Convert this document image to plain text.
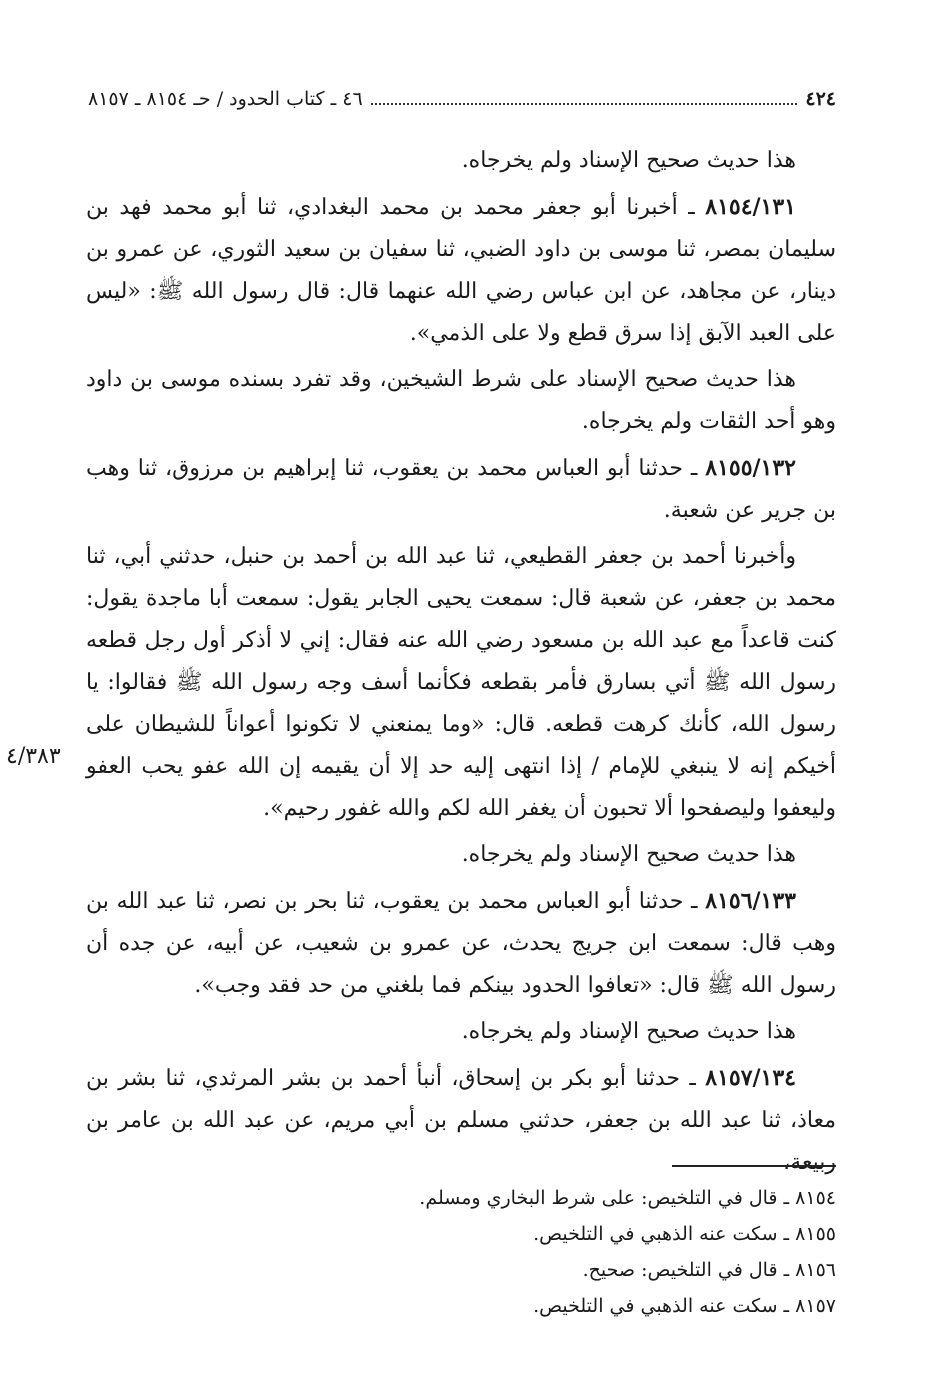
٤٢٤
٤٦ ـ كتاب الحدود / حـ ٨١٥٤ ـ ٨١٥٧

هذا حديث صحيح الإسناد ولم يخرجاه.

٨١٥٤/١٣١ ـ أخبرنا أبو جعفر محمد بن محمد البغدادي، ثنا أبو محمد فهد بن سليمان بمصر، ثنا موسى بن داود الضبي، ثنا سفيان بن سعيد الثوري، عن عمرو بن دينار، عن مجاهد، عن ابن عباس رضي الله عنهما قال: قال رسول الله ﷺ: «ليس على العبد الآبق إذا سرق قطع ولا على الذمي».

هذا حديث صحيح الإسناد على شرط الشيخين، وقد تفرد بسنده موسى بن داود وهو أحد الثقات ولم يخرجاه.

٨١٥٥/١٣٢ ـ حدثنا أبو العباس محمد بن يعقوب، ثنا إبراهيم بن مرزوق، ثنا وهب بن جرير عن شعبة.

وأخبرنا أحمد بن جعفر القطيعي، ثنا عبد الله بن أحمد بن حنبل، حدثني أبي، ثنا محمد بن جعفر، عن شعبة قال: سمعت يحيى الجابر يقول: سمعت أبا ماجدة يقول: كنت قاعداً مع عبد الله بن مسعود رضي الله عنه فقال: إني لا أذكر أول رجل قطعه رسول الله ﷺ أتي بسارق فأمر بقطعه فكأنما أسف وجه رسول الله ﷺ فقالوا: يا رسول الله، كأنك كرهت قطعه. قال: «وما يمنعني لا تكونوا أعواناً للشيطان على أخيكم إنه لا ينبغي للإمام / إذا انتهى إليه حد إلا أن يقيمه إن الله عفو يحب العفو وليعفوا وليصفحوا ألا تحبون أن يغفر الله لكم والله غفور رحيم».

هذا حديث صحيح الإسناد ولم يخرجاه.

٨١٥٦/١٣٣ ـ حدثنا أبو العباس محمد بن يعقوب، ثنا بحر بن نصر، ثنا عبد الله بن وهب قال: سمعت ابن جريج يحدث، عن عمرو بن شعيب، عن أبيه، عن جده أن رسول الله ﷺ قال: «تعافوا الحدود بينكم فما بلغني من حد فقد وجب».

هذا حديث صحيح الإسناد ولم يخرجاه.

٨١٥٧/١٣٤ ـ حدثنا أبو بكر بن إسحاق، أنبأ أحمد بن بشر المرثدي، ثنا بشر بن معاذ، ثنا عبد الله بن جعفر، حدثني مسلم بن أبي مريم، عن عبد الله بن عامر بن ربيعة،

٤/٣٨٣

٨١٥٤ ـ قال في التلخيص: على شرط البخاري ومسلم.

٨١٥٥ ـ سكت عنه الذهبي في التلخيص.

٨١٥٦ ـ قال في التلخيص: صحيح.

٨١٥٧ ـ سكت عنه الذهبي في التلخيص.
